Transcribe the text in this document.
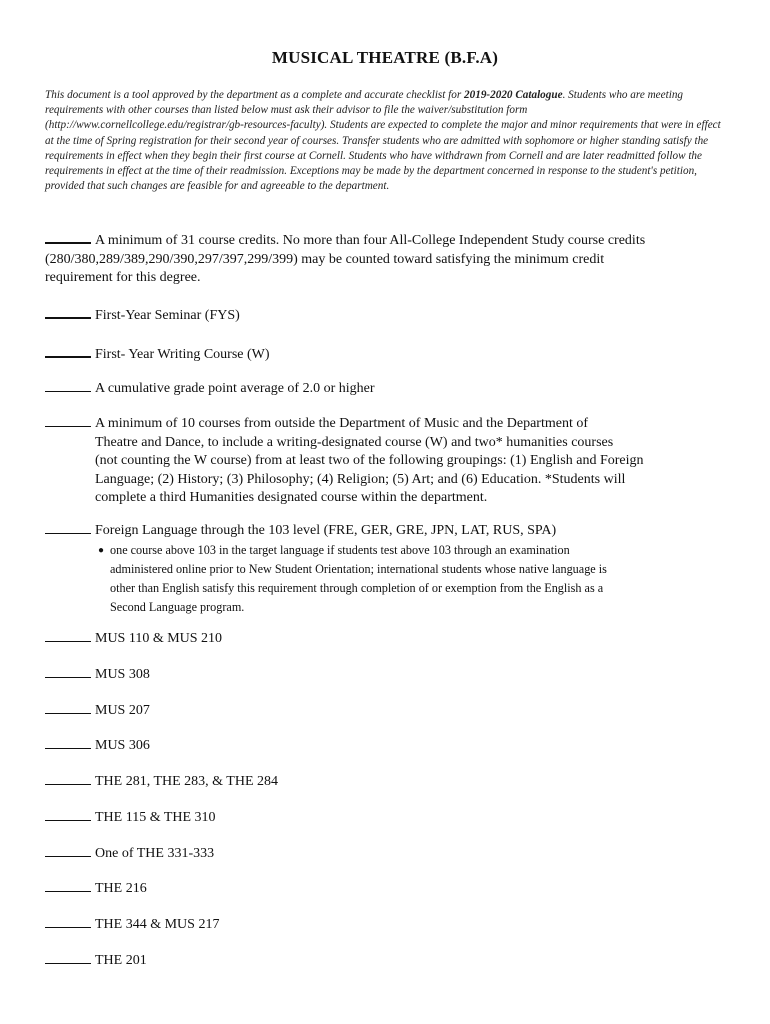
MUSICAL THEATRE (B.F.A)
This document is a tool approved by the department as a complete and accurate checklist for 2019-2020 Catalogue. Students who are meeting requirements with other courses than listed below must ask their advisor to file the waiver/substitution form (http://www.cornellcollege.edu/registrar/gb-resources-faculty). Students are expected to complete the major and minor requirements that were in effect at the time of Spring registration for their second year of courses. Transfer students who are admitted with sophomore or higher standing satisfy the requirements in effect when they begin their first course at Cornell. Students who have withdrawn from Cornell and are later readmitted follow the requirements in effect at the time of their readmission. Exceptions may be made by the department concerned in response to the student's petition, provided that such changes are feasible for and agreeable to the department.
A minimum of 31 course credits. No more than four All-College Independent Study course credits
(280/380,289/389,290/390,297/397,299/399) may be counted toward satisfying the minimum credit
requirement for this degree.
First-Year Seminar (FYS)
First- Year Writing Course (W)
A cumulative grade point average of 2.0 or higher
A minimum of 10 courses from outside the Department of Music and the Department of

Theatre and Dance, to include a writing-designated course (W) and two* humanities courses
(not counting the W course) from at least two of the following groupings: (1) English and Foreign
Language; (2) History; (3) Philosophy; (4) Religion; (5) Art; and (6) Education. *Students will
complete a third Humanities designated course within the department.
Foreign Language through the 103 level (FRE, GER, GRE, JPN, LAT, RUS, SPA)
● one course above 103 in the target language if students test above 103 through an examination
administered online prior to New Student Orientation; international students whose native language is
other than English satisfy this requirement through completion of or exemption from the English as a
Second Language program.
MUS 110 & MUS 210
MUS 308
MUS 207
MUS 306
THE 281, THE 283, & THE 284
THE 115 & THE 310
One of THE 331-333
THE 216
THE 344 & MUS 217
THE 201
